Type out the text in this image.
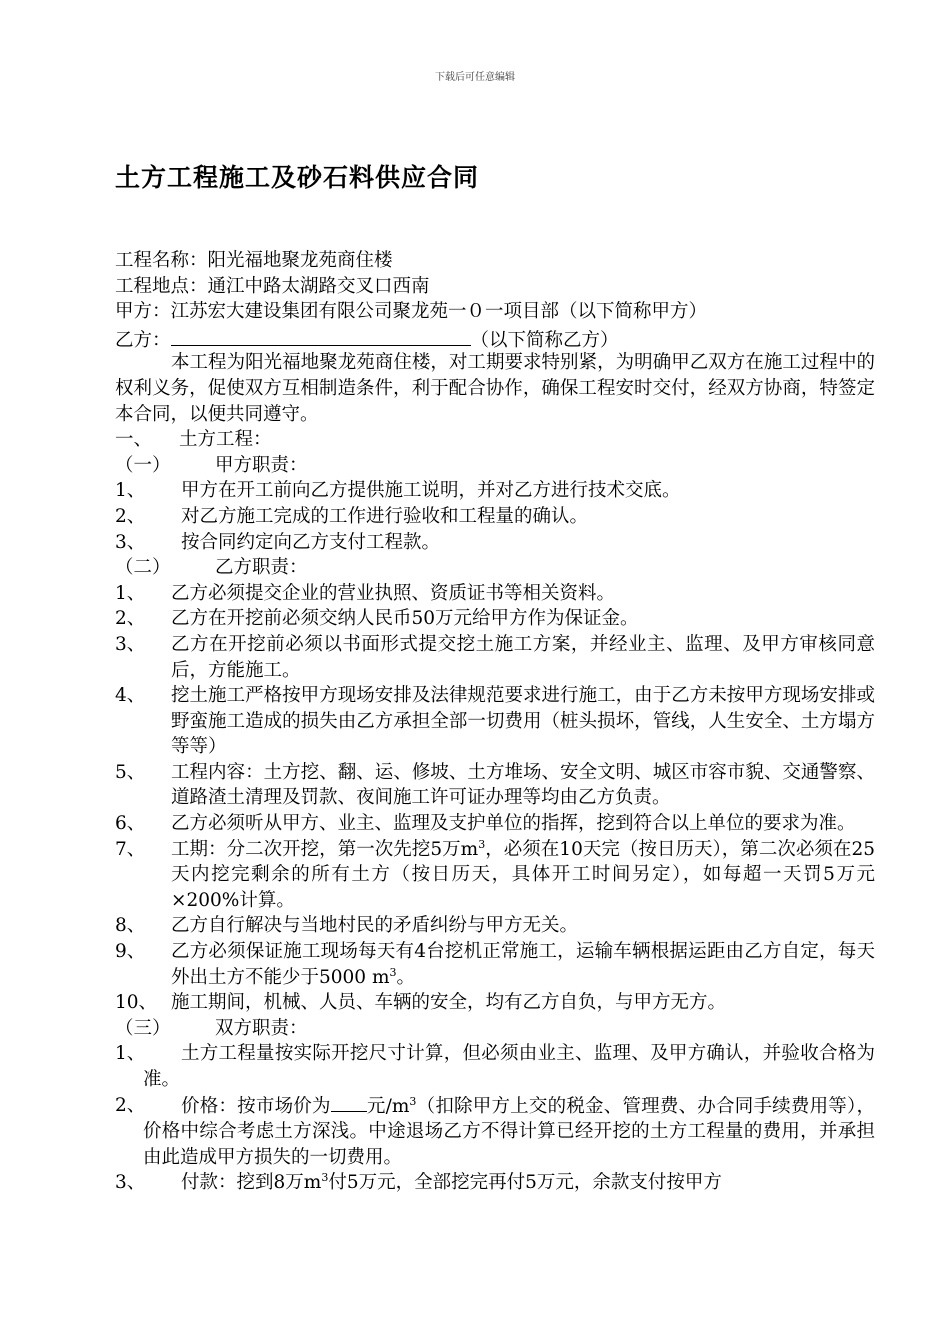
下载后可任意编辑
土方工程施工及砂石料供应合同
工程名称：阳光福地聚龙苑商住楼
工程地点：通江中路太湖路交叉口西南
甲方：江苏宏大建设集团有限公司聚龙苑一０一项目部（以下简称甲方）
乙方：	（以下简称乙方）
本工程为阳光福地聚龙苑商住楼，对工期要求特别紧，为明确甲乙双方在施工过程中的权利义务，促使双方互相制造条件，利于配合协作，确保工程安时交付，经双方协商，特签定本合同，以便共同遵守。
一、 土方工程：
（一） 甲方职责：
1、	甲方在开工前向乙方提供施工说明，并对乙方进行技术交底。
2、	对乙方施工完成的工作进行验收和工程量的确认。
3、	按合同约定向乙方支付工程款。
（二） 乙方职责：
1、	乙方必须提交企业的营业执照、资质证书等相关资料。
2、	乙方在开挖前必须交纳人民币50万元给甲方作为保证金。
3、	乙方在开挖前必须以书面形式提交挖土施工方案，并经业主、监理、及甲方审核同意后，方能施工。
4、	挖土施工严格按甲方现场安排及法律规范要求进行施工，由于乙方未按甲方现场安排或野蛮施工造成的损失由乙方承担全部一切费用（桩头损坏，管线，人生安全、土方塌方等等）
5、	工程内容：土方挖、翻、运、修坡、土方堆场、安全文明、城区市容市貌、交通警察、道路渣土清理及罚款、夜间施工许可证办理等均由乙方负责。
6、	乙方必须听从甲方、业主、监理及支护单位的指挥，挖到符合以上单位的要求为准。
7、	工期：分二次开挖，第一次先挖5万$m^3$，必须在10天完（按日历天），第二次必须在25天内挖完剩余的所有土方（按日历天，具体开工时间另定），如每超一天罚5万元×200%计算。
8、	乙方自行解决与当地村民的矛盾纠纷与甲方无关。
9、	乙方必须保证施工现场每天有4台挖机正常施工，运输车辆根据运距由乙方自定，每天外出土方不能少于5000 $m^3$。
10、 施工期间，机械、人员、车辆的安全，均有乙方自负，与甲方无方。
（三） 双方职责：
1、	土方工程量按实际开挖尺寸计算，但必须由业主、监理、及甲方确认，并验收合格为准。
2、	价格：按市场价为 元$/m^3$（扣除甲方上交的税金、管理费、办合同手续费用等），价格中综合考虑土方深浅。中途退场乙方不得计算已经开挖的土方工程量的费用，并承担由此造成甲方损失的一切费用。
3、	付款：挖到8万$m^3$付5万元，全部挖完再付5万元，余款支付按甲方
